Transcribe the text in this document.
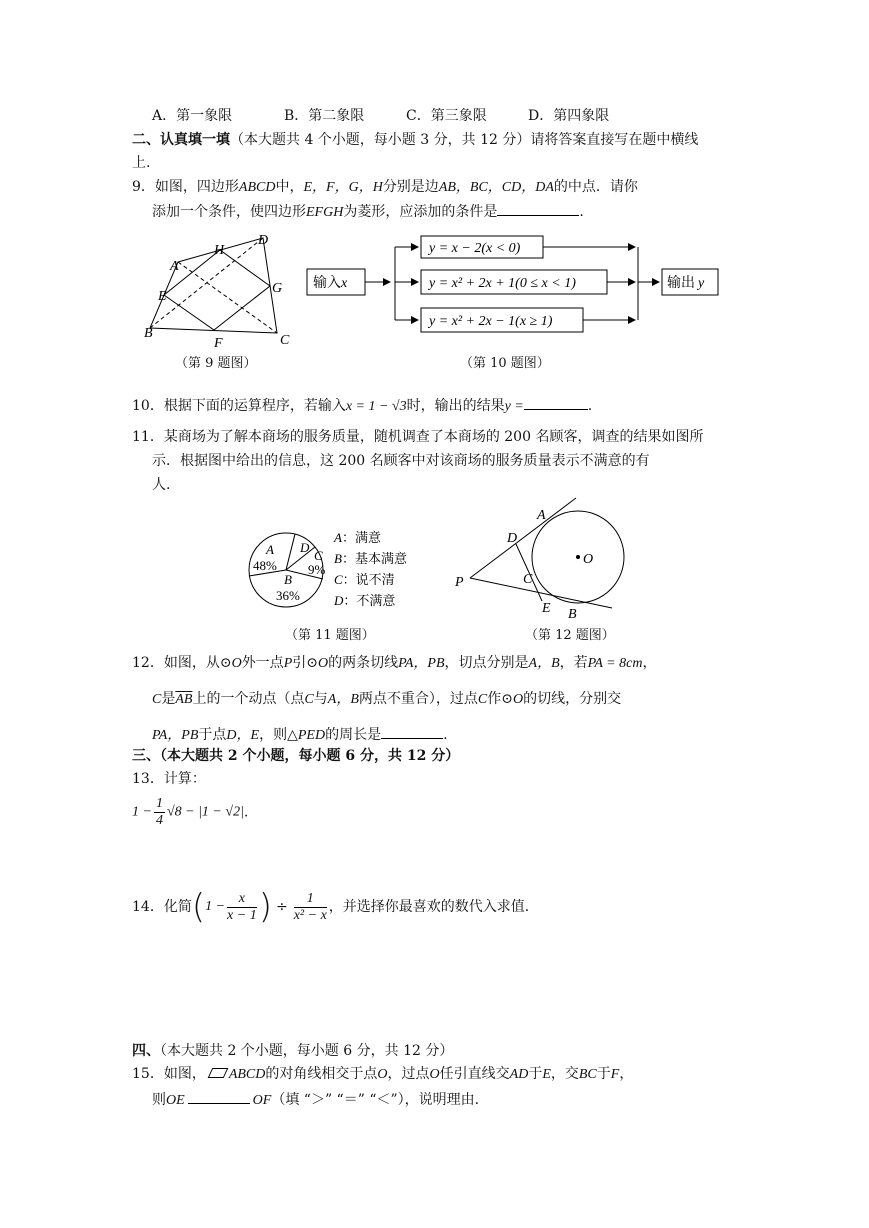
A．第一象限	B．第二象限	C．第三象限	D．第四象限
二、认真填一填（本大题共 4 个小题，每小题 3 分，共 12 分）请将答案直接写在题中横线
上.
9．如图，四边形ABCD中，E，F，G，H分别是边AB，BC，CD，DA的中点．请你
添加一个条件，使四边形EFGH为菱形，应添加的条件是	.
A
B	C
D
E
F
G
H
（第 9 题图）
输入x	输出 y
y = x − 2(x < 0)
y = x² + 2x + 1(0 ≤ x < 1)
y = x² + 2x − 1(x ≥ 1)
（第 10 题图）
10．根据下面的运算程序，若输入x = 1 − √3时，输出的结果y =	.
11．某商场为了解本商场的服务质量，随机调查了本商场的 200 名顾客，调查的结果如图所
示．根据图中给出的信息，这 200 名顾客中对该商场的服务质量表示不满意的有
人.
A
48%
B
36%
C
9%
D
A：满意
B：基本满意
C：说不清
D：不满意
（第 11 题图）
A
B
C
D
E
P
O
（第 12 题图）
12．如图，从⊙O外一点P引⊙O的两条切线PA，PB，切点分别是A，B，若PA = 8cm，
C是$\overline{AB}$上的一个动点（点C与A，B两点不重合），过点C作⊙O的切线，分别交
PA，PB于点D，E，则△PED的周长是	.
三、（本大题共 2 个小题，每小题 6 分，共 12 分）
13．计算：
$1 - \frac{1}{4} √8 - |1 - √2|$.
14．化简($1 - \frac{x}{x - 1}$ ) ÷ $\frac{1}{\text{x² − x}}$ ，并选择你最喜欢的数代入求值.
四、（本大题共 2 个小题，每小题 6 分，共 12 分）
15．如图， ABCD的对角线相交于点O，过点O任引直线交AD于E，交BC于F，
则OE	OF（填 “＞” “＝” “＜”），说明理由.
